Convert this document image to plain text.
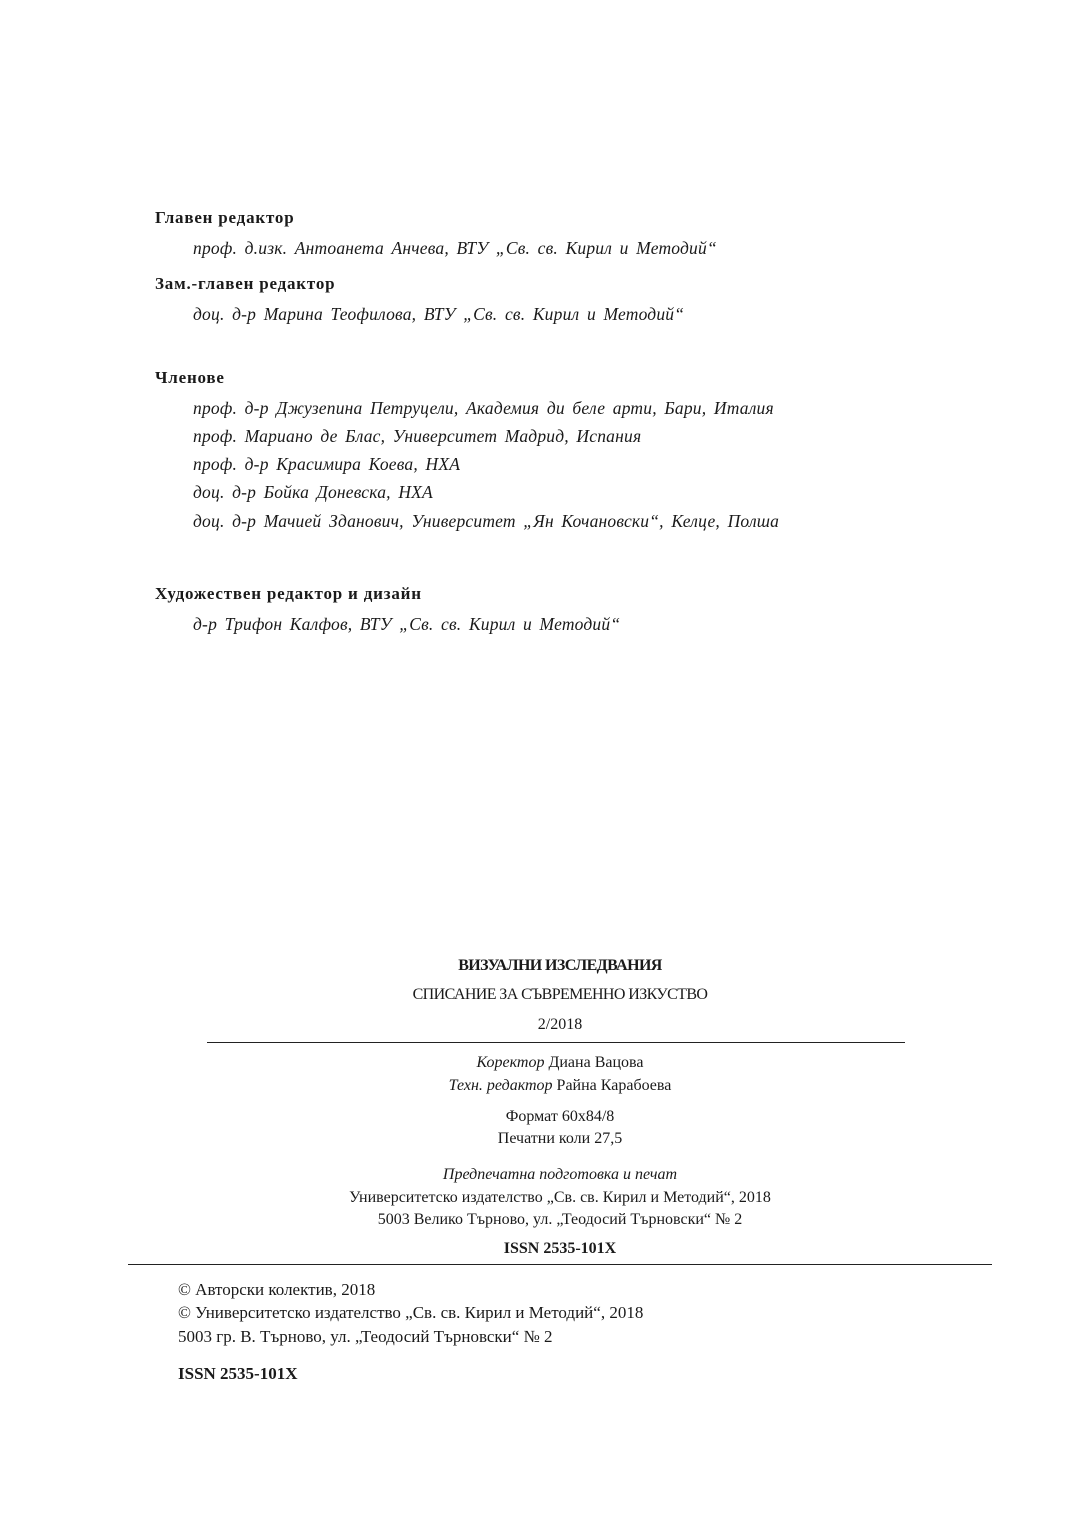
Главен редактор
проф. д.изк. Антоанета Анчева, ВТУ „Св. св. Кирил и Методий“
Зам.-главен редактор
доц. д-р Марина Теофилова, ВТУ „Св. св. Кирил и Методий“
Членове
проф. д-р Джузепина Петруцели, Академия ди беле арти, Бари, Италия
проф. Мариано де Блас, Университет Мадрид, Испания
проф. д-р Красимира Коева, НХА
доц. д-р Бойка Доневска, НХА
доц. д-р Мачией Зданович, Университет „Ян Кочановски“, Келце, Полша
Художествен редактор и дизайн
д-р Трифон Калфов, ВТУ „Св. св. Кирил и Методий“
ВИЗУАЛНИ ИЗСЛЕДВАНИЯ
СПИСАНИЕ ЗА СЪВРЕМЕННО ИЗКУСТВО
2/2018
Коректор Диана Вацова
Техн. редактор Райна Карабоева
Формат 60х84/8
Печатни коли 27,5
Предпечатна подготовка и печат
Университетско издателство „Св. св. Кирил и Методий“, 2018
5003 Велико Търново, ул. „Теодосий Търновски“ № 2
ISSN 2535-101X
© Авторски колектив, 2018
© Университетско издателство „Св. св. Кирил и Методий“, 2018
5003 гр. В. Търново, ул. „Теодосий Търновски“ № 2
ISSN 2535-101X
